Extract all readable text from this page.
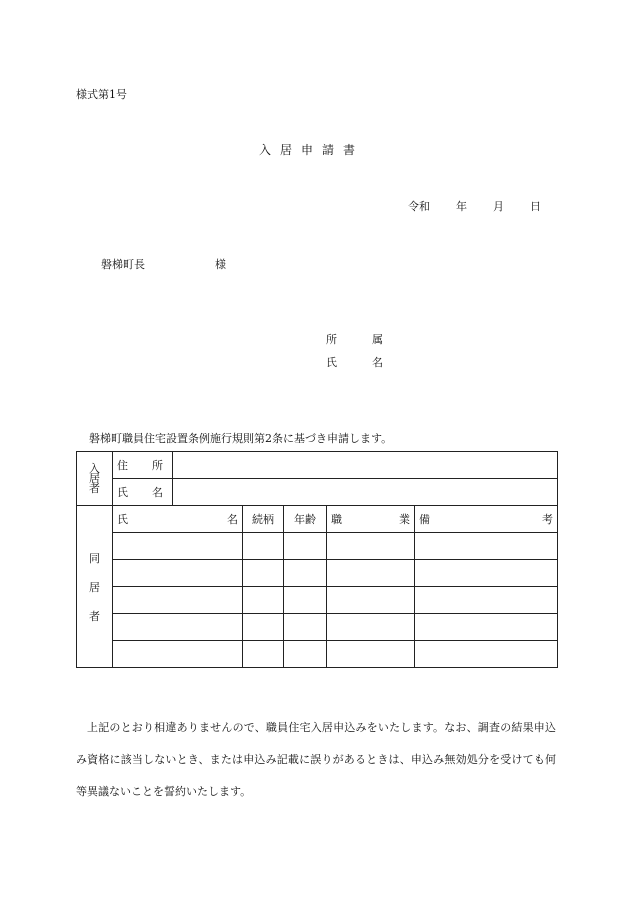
様式第1号
入居申請書
令和 年 月 日
磐梯町長	様
所	属
氏	名
磐梯町職員住宅設置条例施行規則第2条に基づき申請します。
入
居
者	住 所					

	氏 名					

同
居
者	氏 名		続柄	年齢	職 業	備 考

上記のとおり相違ありませんので、職員住宅入居申込みをいたします。なお、調査の結果申込み資格に該当しないとき、または申込み記載に誤りがあるときは、申込み無効処分を受けても何等異議ないことを誓約いたします。
